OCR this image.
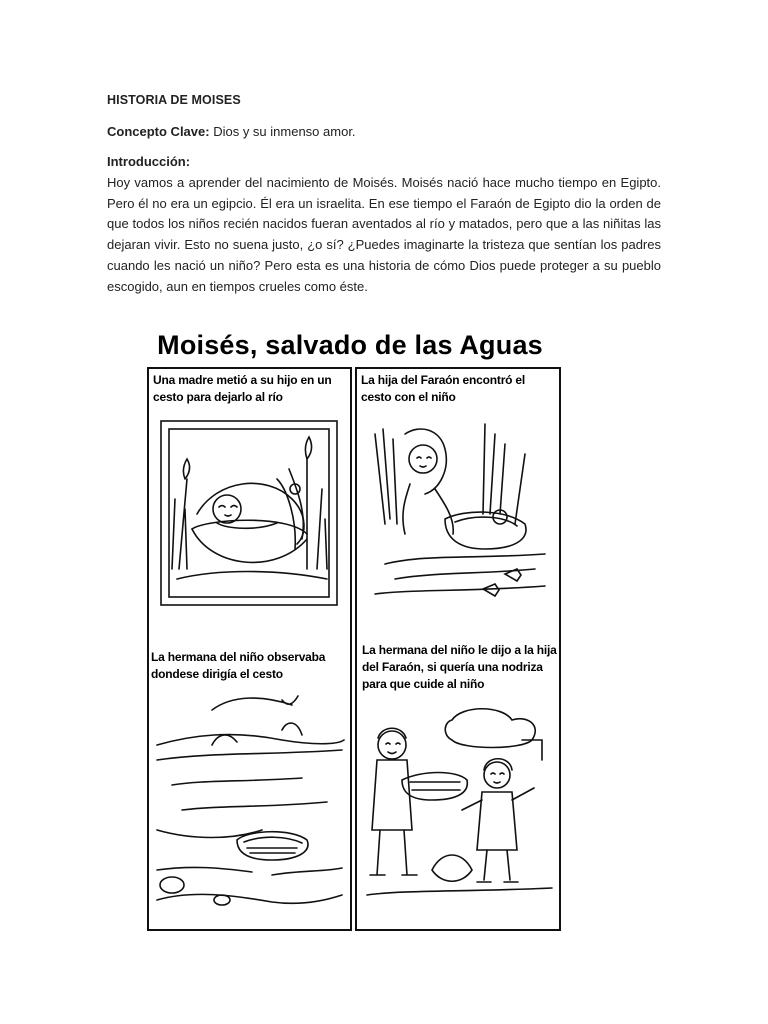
HISTORIA DE MOISES

Concepto Clave: Dios y su inmenso amor.

Introducción:

Hoy vamos a aprender del nacimiento de Moisés. Moisés nació hace mucho tiempo en Egipto. Pero él no era un egipcio. Él era un israelita. En ese tiempo el Faraón de Egipto dio la orden de que todos los niños recién nacidos fueran aventados al río y matados, pero que a las niñitas las dejaran vivir. Esto no suena justo, ¿o sí? ¿Puedes imaginarte la tristeza que sentían los padres cuando les nació un niño? Pero esta es una historia de cómo Dios puede proteger a su pueblo escogido, aun en tiempos crueles como éste.

Moisés, salvado de las Aguas
Una madre metió a su hijo en un cesto para dejarlo al río
La hija del Faraón encontró el cesto con el niño
La hermana del niño observaba dondese dirigía el cesto
La hermana del niño le dijo a la hija del Faraón, si quería una nodriza para que cuide al niño
